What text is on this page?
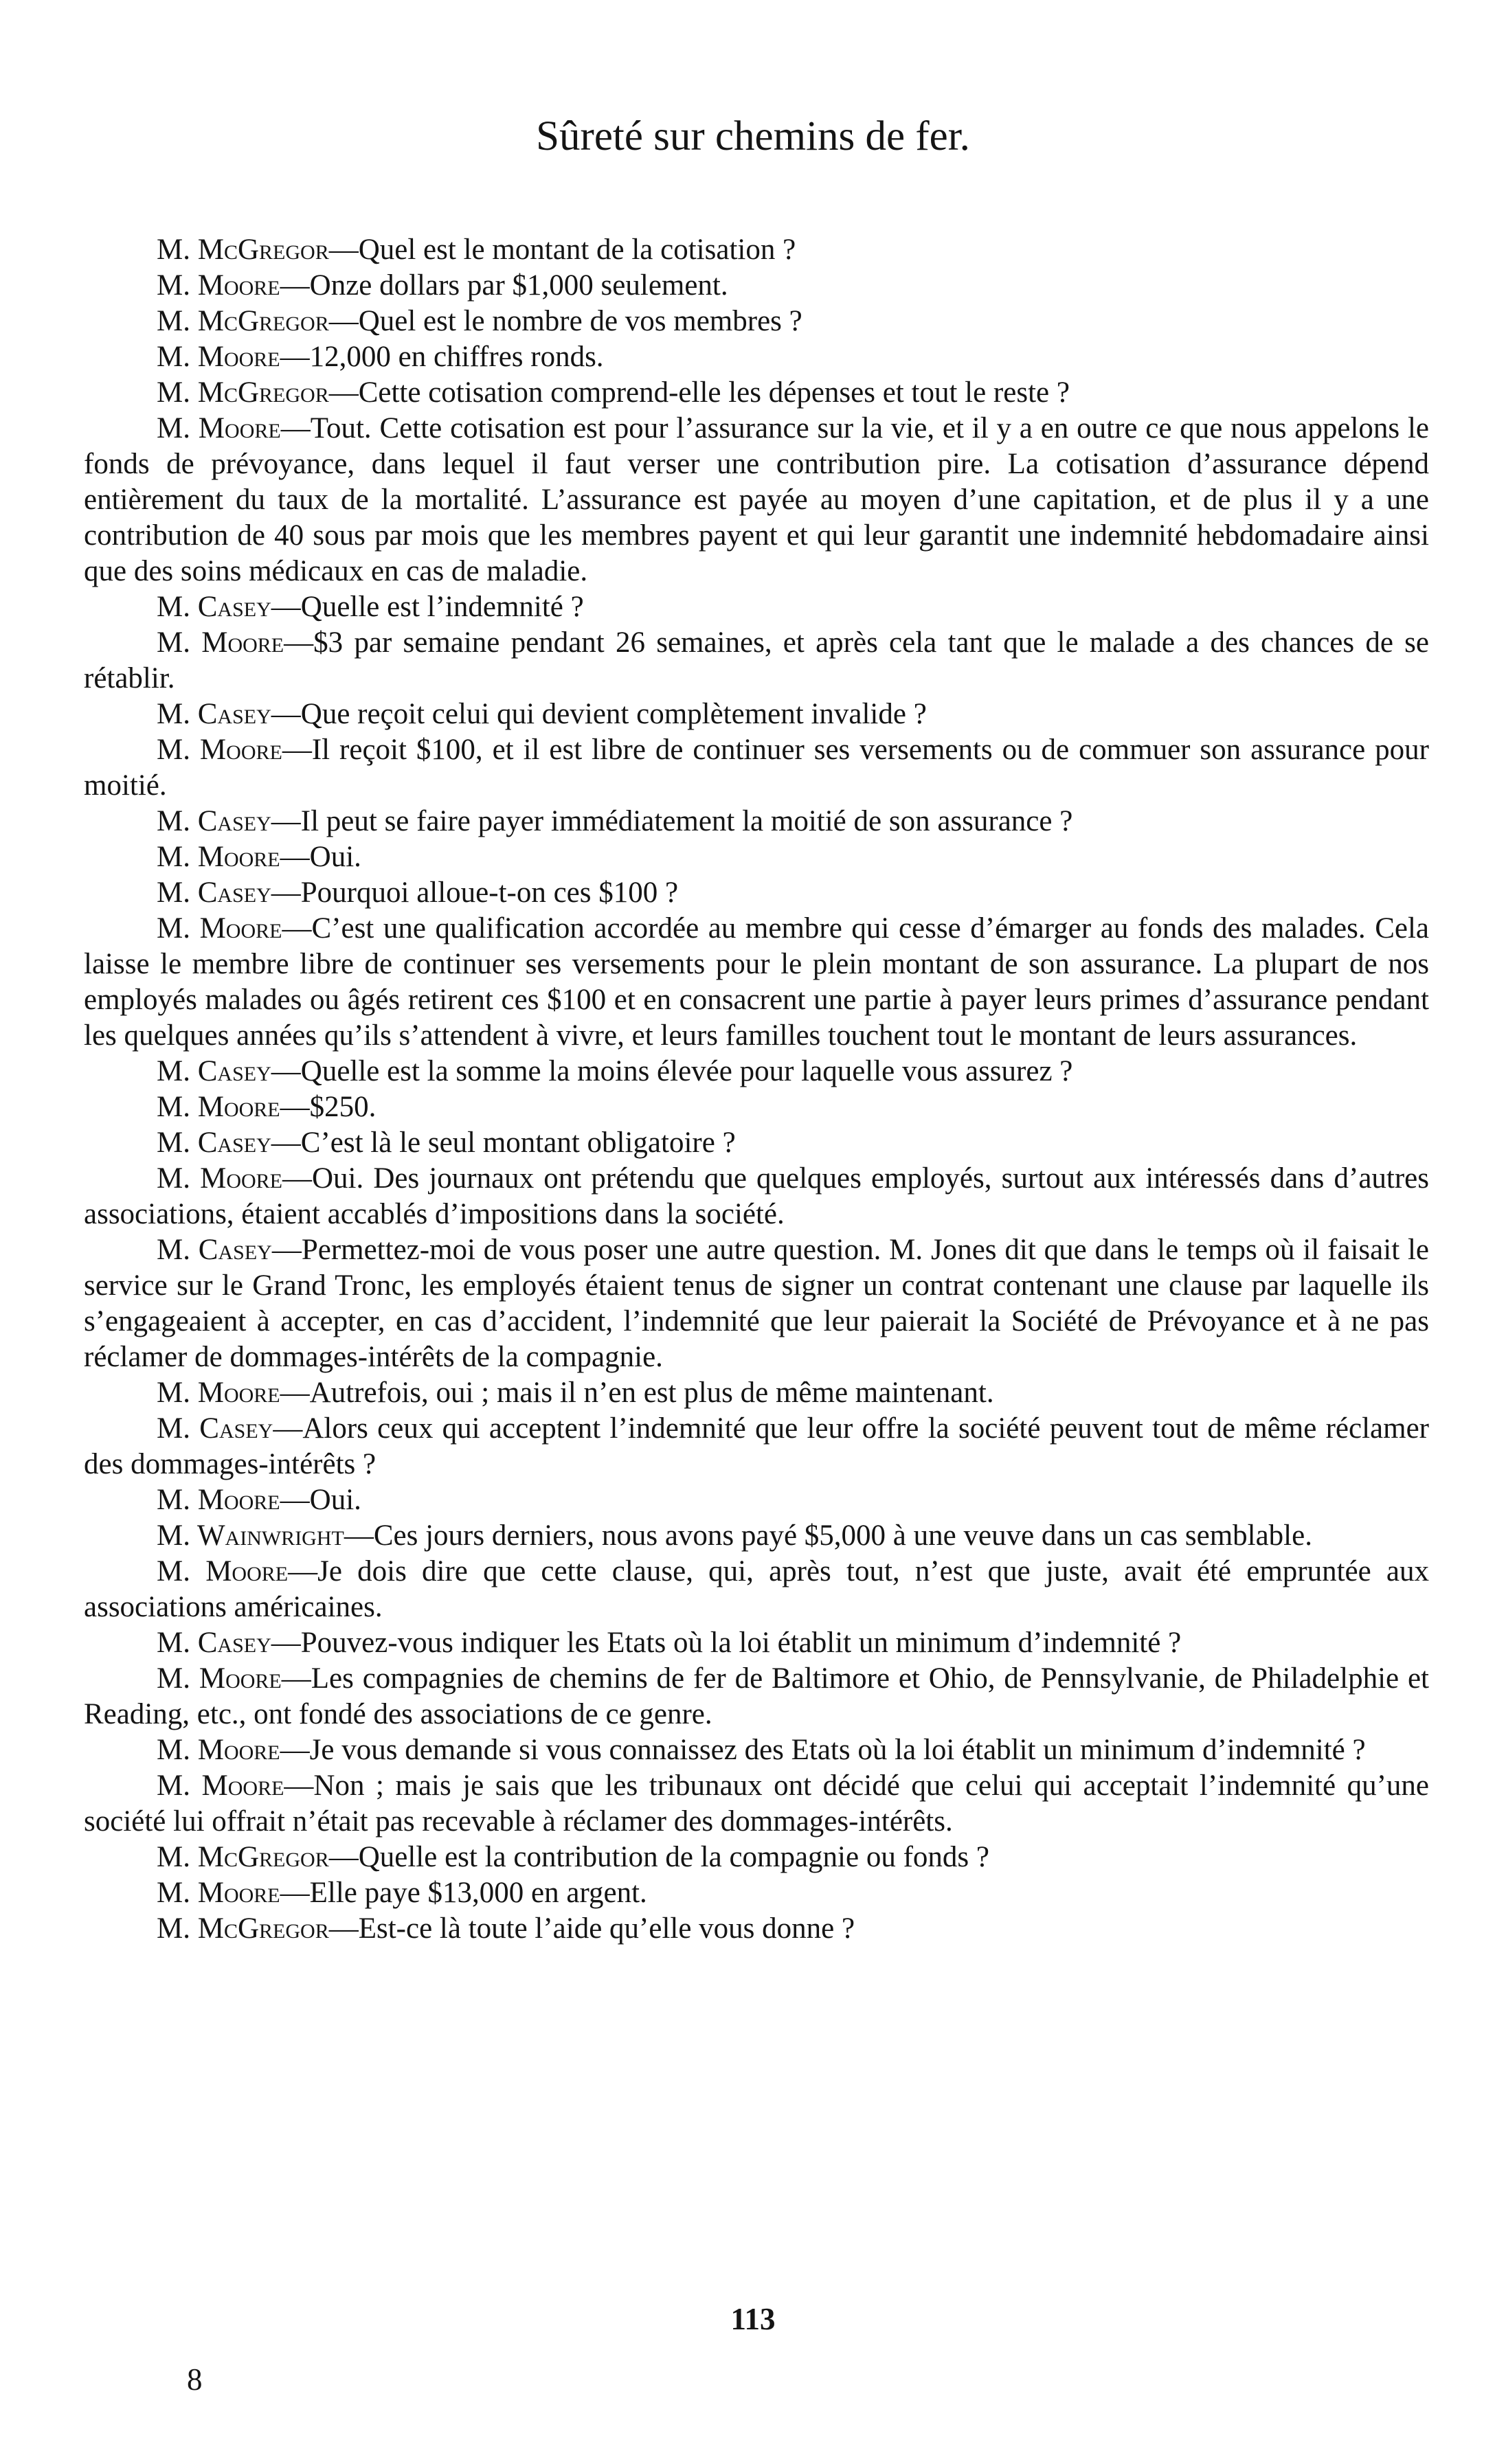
Sûreté sur chemins de fer.

M. McGregor—Quel est le montant de la cotisation ?

M. Moore—Onze dollars par $1,000 seulement.

M. McGregor—Quel est le nombre de vos membres ?

M. Moore—12,000 en chiffres ronds.

M. McGregor—Cette cotisation comprend-elle les dépenses et tout le reste ?

M. Moore—Tout. Cette cotisation est pour l’assurance sur la vie, et il y a en outre ce que nous appelons le fonds de prévoyance, dans lequel il faut verser une contribution pire. La cotisation d’assurance dépend entièrement du taux de la mortalité. L’assurance est payée au moyen d’une capitation, et de plus il y a une contribution de 40 sous par mois que les membres payent et qui leur garantit une indemnité hebdomadaire ainsi que des soins médicaux en cas de maladie.

M. Casey—Quelle est l’indemnité ?

M. Moore—$3 par semaine pendant 26 semaines, et après cela tant que le malade a des chances de se rétablir.

M. Casey—Que reçoit celui qui devient complètement invalide ?

M. Moore—Il reçoit $100, et il est libre de continuer ses versements ou de commuer son assurance pour moitié.

M. Casey—Il peut se faire payer immédiatement la moitié de son assurance ?

M. Moore—Oui.

M. Casey—Pourquoi alloue-t-on ces $100 ?

M. Moore—C’est une qualification accordée au membre qui cesse d’émarger au fonds des malades. Cela laisse le membre libre de continuer ses versements pour le plein montant de son assurance. La plupart de nos employés malades ou âgés retirent ces $100 et en consacrent une partie à payer leurs primes d’assurance pendant les quelques années qu’ils s’attendent à vivre, et leurs familles touchent tout le montant de leurs assurances.

M. Casey—Quelle est la somme la moins élevée pour laquelle vous assurez ?

M. Moore—$250.

M. Casey—C’est là le seul montant obligatoire ?

M. Moore—Oui. Des journaux ont prétendu que quelques employés, surtout aux intéressés dans d’autres associations, étaient accablés d’impositions dans la société.

M. Casey—Permettez-moi de vous poser une autre question. M. Jones dit que dans le temps où il faisait le service sur le Grand Tronc, les employés étaient tenus de signer un contrat contenant une clause par laquelle ils s’engageaient à accepter, en cas d’accident, l’indemnité que leur paierait la Société de Prévoyance et à ne pas réclamer de dommages-intérêts de la compagnie.

M. Moore—Autrefois, oui ; mais il n’en est plus de même maintenant.

M. Casey—Alors ceux qui acceptent l’indemnité que leur offre la société peuvent tout de même réclamer des dommages-intérêts ?

M. Moore—Oui.

M. Wainwright—Ces jours derniers, nous avons payé $5,000 à une veuve dans un cas semblable.

M. Moore—Je dois dire que cette clause, qui, après tout, n’est que juste, avait été empruntée aux associations américaines.

M. Casey—Pouvez-vous indiquer les Etats où la loi établit un minimum d’indemnité ?

M. Moore—Les compagnies de chemins de fer de Baltimore et Ohio, de Pennsylvanie, de Philadelphie et Reading, etc., ont fondé des associations de ce genre.

M. Moore—Je vous demande si vous connaissez des Etats où la loi établit un minimum d’indemnité ?

M. Moore—Non ; mais je sais que les tribunaux ont décidé que celui qui acceptait l’indemnité qu’une société lui offrait n’était pas recevable à réclamer des dommages-intérêts.

M. McGregor—Quelle est la contribution de la compagnie ou fonds ?

M. Moore—Elle paye $13,000 en argent.

M. McGregor—Est-ce là toute l’aide qu’elle vous donne ?

113
8
